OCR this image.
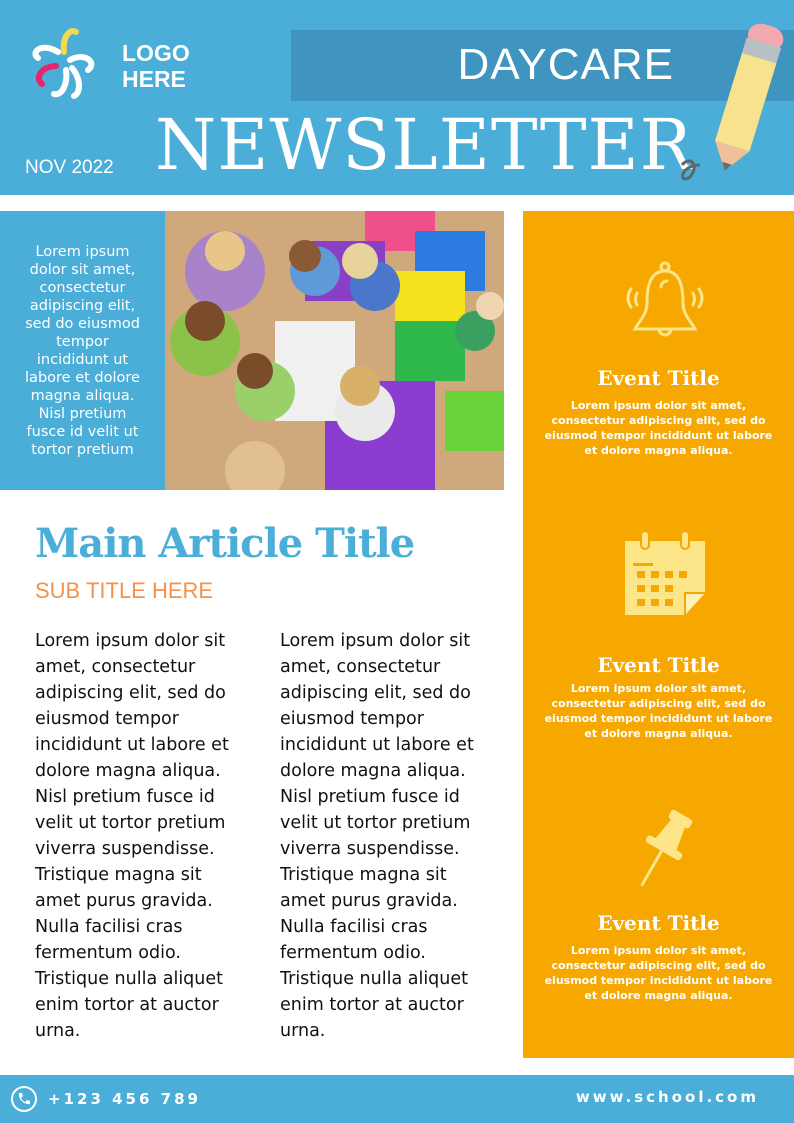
LOGO
HERE	DAYCARE
NEWSLETTER
NOV 2022
Lorem ipsum dolor sit amet, consectetur adipiscing elit, sed do eiusmod tempor incididunt ut labore et dolore magna aliqua. Nisl pretium fusce id velit ut tortor pretium
Event Title
Lorem ipsum dolor sit amet, consectetur adipiscing elit, sed do eiusmod tempor incididunt ut labore et dolore magna aliqua.
Event Title
Lorem ipsum dolor sit amet, consectetur adipiscing elit, sed do eiusmod tempor incididunt ut labore et dolore magna aliqua.
Event Title
Lorem ipsum dolor sit amet, consectetur adipiscing elit, sed do eiusmod tempor incididunt ut labore et dolore magna aliqua.
Main Article Title
SUB TITLE HERE
Lorem ipsum dolor sit amet, consectetur adipiscing elit, sed do eiusmod tempor incididunt ut labore et dolore magna aliqua. Nisl pretium fusce id velit ut tortor pretium viverra suspendisse. Tristique magna sit amet purus gravida. Nulla facilisi cras fermentum odio. Tristique nulla aliquet enim tortor at auctor urna.
Lorem ipsum dolor sit amet, consectetur adipiscing elit, sed do eiusmod tempor incididunt ut labore et dolore magna aliqua. Nisl pretium fusce id velit ut tortor pretium viverra suspendisse. Tristique magna sit amet purus gravida. Nulla facilisi cras fermentum odio. Tristique nulla aliquet enim tortor at auctor urna.
+123 456 789	www.school.com
